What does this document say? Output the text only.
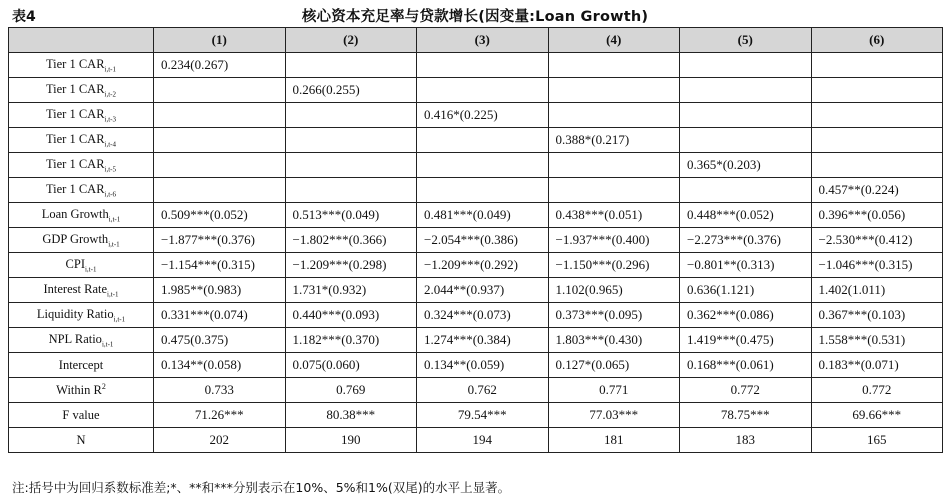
表4	核心资本充足率与贷款增长(因变量:Loan Growth)
	(1)	(2)	(3)	(4)	(5)	(6)
Tier 1 $CAR_{i,t-1}$	0.234(0.267)					
Tier 1 $CAR_{i,t-2}$		0.266(0.255)				
Tier 1 $CAR_{i,t-3}$			0.416*(0.225)			
Tier 1 $CAR_{i,t-4}$				0.388*(0.217)		
Tier 1 $CAR_{i,t-5}$					0.365*(0.203)	
Tier 1 $CAR_{i,t-6}$						0.457**(0.224)
Loan Growth$_{i,t-1}$	0.509***(0.052)	0.513***(0.049)	0.481***(0.049)	0.438***(0.051)	0.448***(0.052)	0.396***(0.056)
GDP Growth$_{i,t-1}$	−1.877***(0.376)	−1.802***(0.366)	−2.054***(0.386)	−1.937***(0.400)	−2.273***(0.376)	−2.530***(0.412)
$CPI_{i,t-1}$	−1.154***(0.315)	−1.209***(0.298)	−1.209***(0.292)	−1.150***(0.296)	−0.801**(0.313)	−1.046***(0.315)
Interest Rate$_{i,t-1}$	1.985**(0.983)	1.731*(0.932)	2.044**(0.937)	1.102(0.965)	0.636(1.121)	1.402(1.011)
Liquidity Ratio$_{i,t-1}$	0.331***(0.074)	0.440***(0.093)	0.324***(0.073)	0.373***(0.095)	0.362***(0.086)	0.367***(0.103)
NPL Ratio$_{i,t-1}$	0.475(0.375)	1.182***(0.370)	1.274***(0.384)	1.803***(0.430)	1.419***(0.475)	1.558***(0.531)
Intercept	0.134**(0.058)	0.075(0.060)	0.134**(0.059)	0.127*(0.065)	0.168***(0.061)	0.183**(0.071)
Within $R^2$	0.733	0.769	0.762	0.771	0.772	0.772
F value	71.26***	80.38***	79.54***	77.03***	78.75***	69.66***
N	202	190	194	181	183	165
注:括号中为回归系数标准差;*、**和***分别表示在10%、5%和1%(双尾)的水平上显著。
